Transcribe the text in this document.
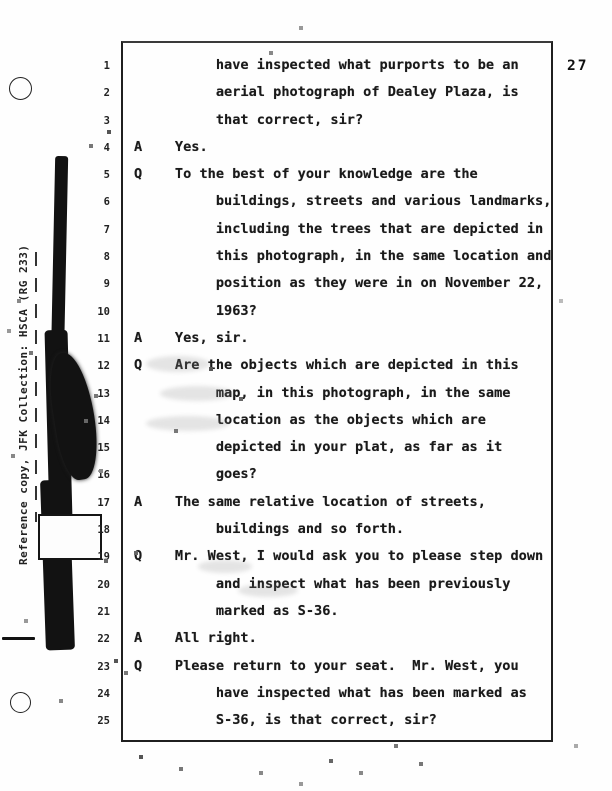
Reference copy, JFK Collection: HSCA (RG 233)
1
2
3
4
5
6
7
8
9
10
11
12
13
14
15
16
17
18
19
20
21
22
23
24
25
have inspected what purports to be an
aerial photograph of Dealey Plaza, is
that correct, sir?
A    Yes.
Q    To the best of your knowledge are the
buildings, streets and various landmarks,
including the trees that are depicted in
this photograph, in the same location and
position as they were in on November 22,
1963?
A    Yes, sir.
Q    Are the objects which are depicted in this
map, in this photograph, in the same
location as the objects which are
depicted in your plat, as far as it
goes?
A    The same relative location of streets,
buildings and so forth.
Q    Mr. West, I would ask you to please step down
and inspect what has been previously
marked as S-36.
A    All right.
Q    Please return to your seat.  Mr. West, you
have inspected what has been marked as
S-36, is that correct, sir?
27
